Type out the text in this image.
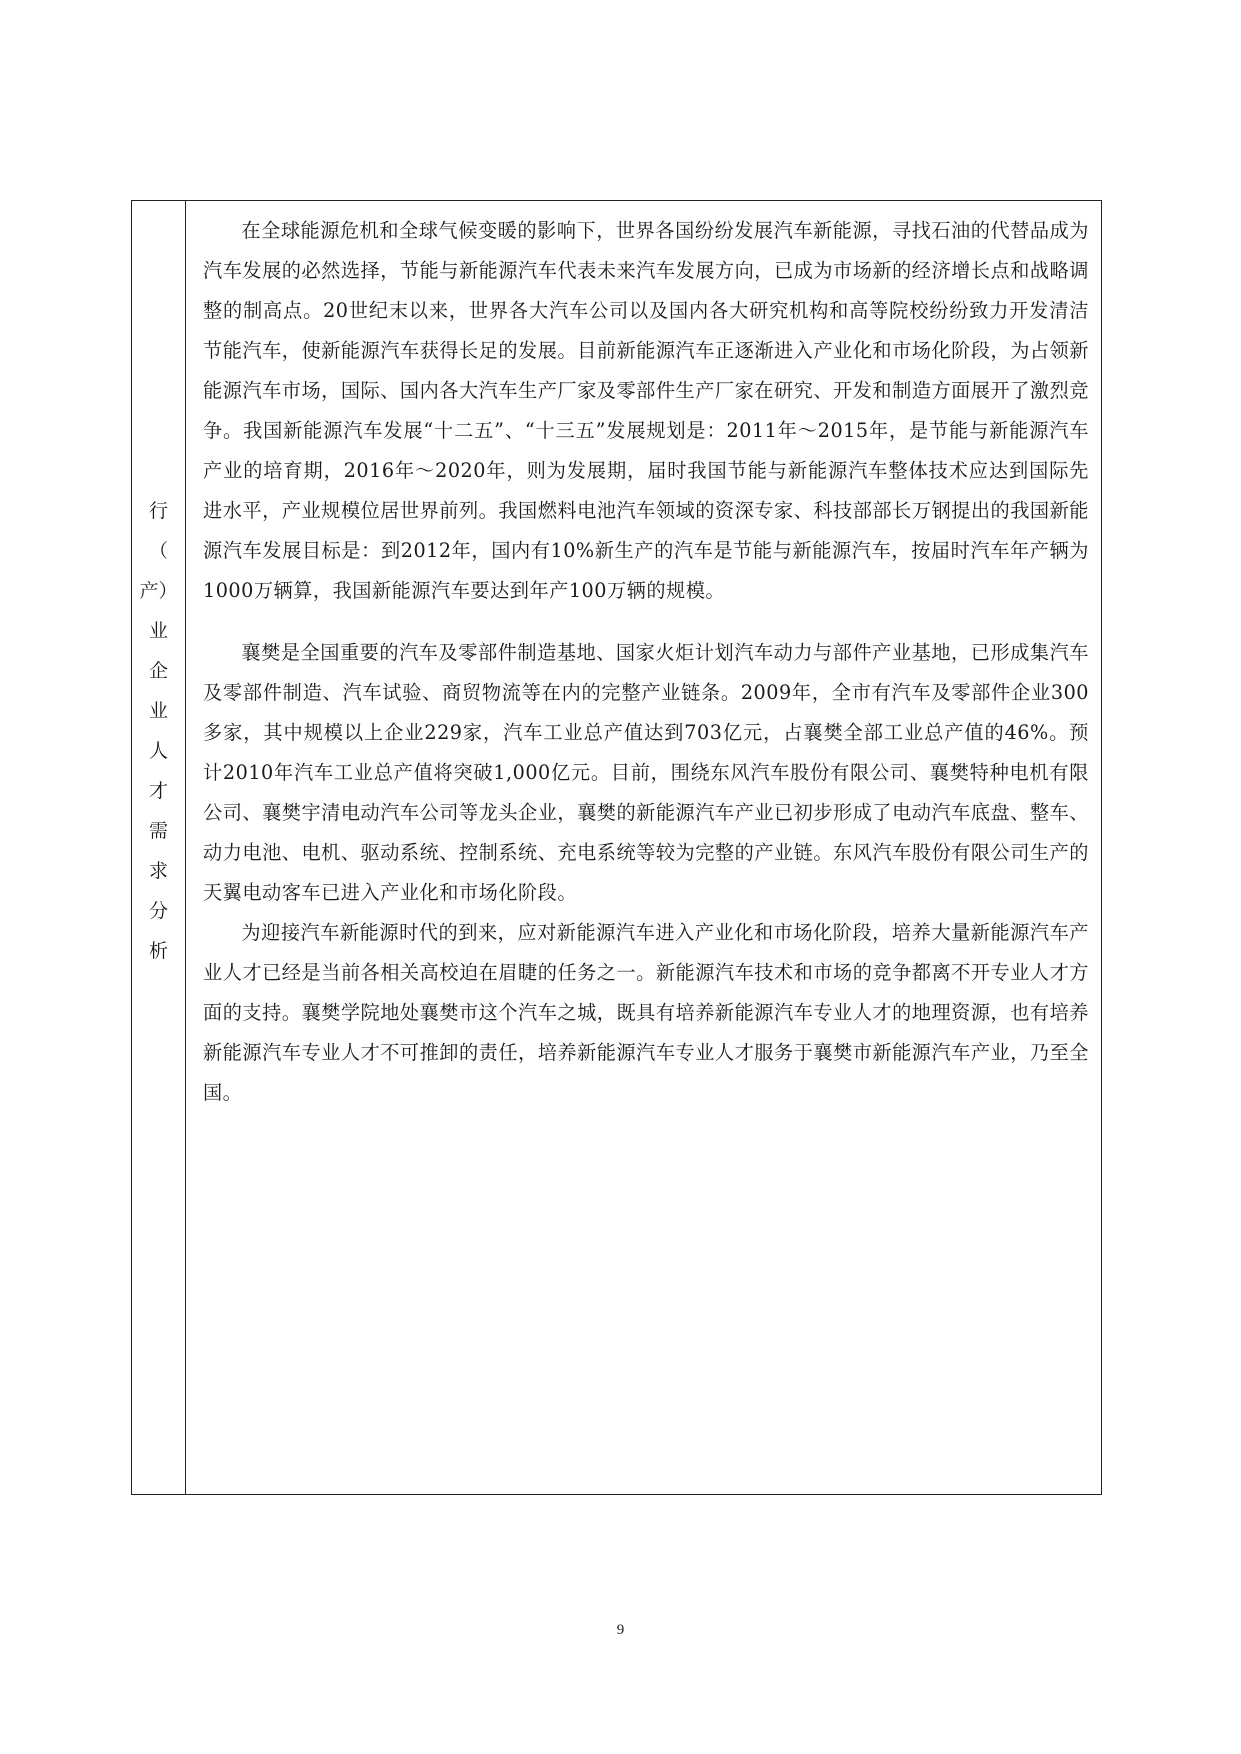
行
（
产）
业
企
业
人
才
需
求
分
析

在全球能源危机和全球气候变暖的影响下，世界各国纷纷发展汽车新能源，寻找石油的代替品成为汽车发展的必然选择，节能与新能源汽车代表未来汽车发展方向，已成为市场新的经济增长点和战略调整的制高点。20世纪末以来，世界各大汽车公司以及国内各大研究机构和高等院校纷纷致力开发清洁节能汽车，使新能源汽车获得长足的发展。目前新能源汽车正逐渐进入产业化和市场化阶段，为占领新能源汽车市场，国际、国内各大汽车生产厂家及零部件生产厂家在研究、开发和制造方面展开了激烈竞争。我国新能源汽车发展“十二五”、“十三五”发展规划是：2011年～2015年，是节能与新能源汽车产业的培育期，2016年～2020年，则为发展期，届时我国节能与新能源汽车整体技术应达到国际先进水平，产业规模位居世界前列。我国燃料电池汽车领域的资深专家、科技部部长万钢提出的我国新能源汽车发展目标是：到2012年，国内有10%新生产的汽车是节能与新能源汽车，按届时汽车年产辆为1000万辆算，我国新能源汽车要达到年产100万辆的规模。

襄樊是全国重要的汽车及零部件制造基地、国家火炬计划汽车动力与部件产业基地，已形成集汽车及零部件制造、汽车试验、商贸物流等在内的完整产业链条。2009年，全市有汽车及零部件企业300多家，其中规模以上企业229家，汽车工业总产值达到703亿元，占襄樊全部工业总产值的46%。预计2010年汽车工业总产值将突破1,000亿元。目前，围绕东风汽车股份有限公司、襄樊特种电机有限公司、襄樊宇清电动汽车公司等龙头企业，襄樊的新能源汽车产业已初步形成了电动汽车底盘、整车、动力电池、电机、驱动系统、控制系统、充电系统等较为完整的产业链。东风汽车股份有限公司生产的天翼电动客车已进入产业化和市场化阶段。

为迎接汽车新能源时代的到来，应对新能源汽车进入产业化和市场化阶段，培养大量新能源汽车产业人才已经是当前各相关高校迫在眉睫的任务之一。新能源汽车技术和市场的竞争都离不开专业人才方面的支持。襄樊学院地处襄樊市这个汽车之城，既具有培养新能源汽车专业人才的地理资源，也有培养新能源汽车专业人才不可推卸的责任，培养新能源汽车专业人才服务于襄樊市新能源汽车产业，乃至全国。

9
